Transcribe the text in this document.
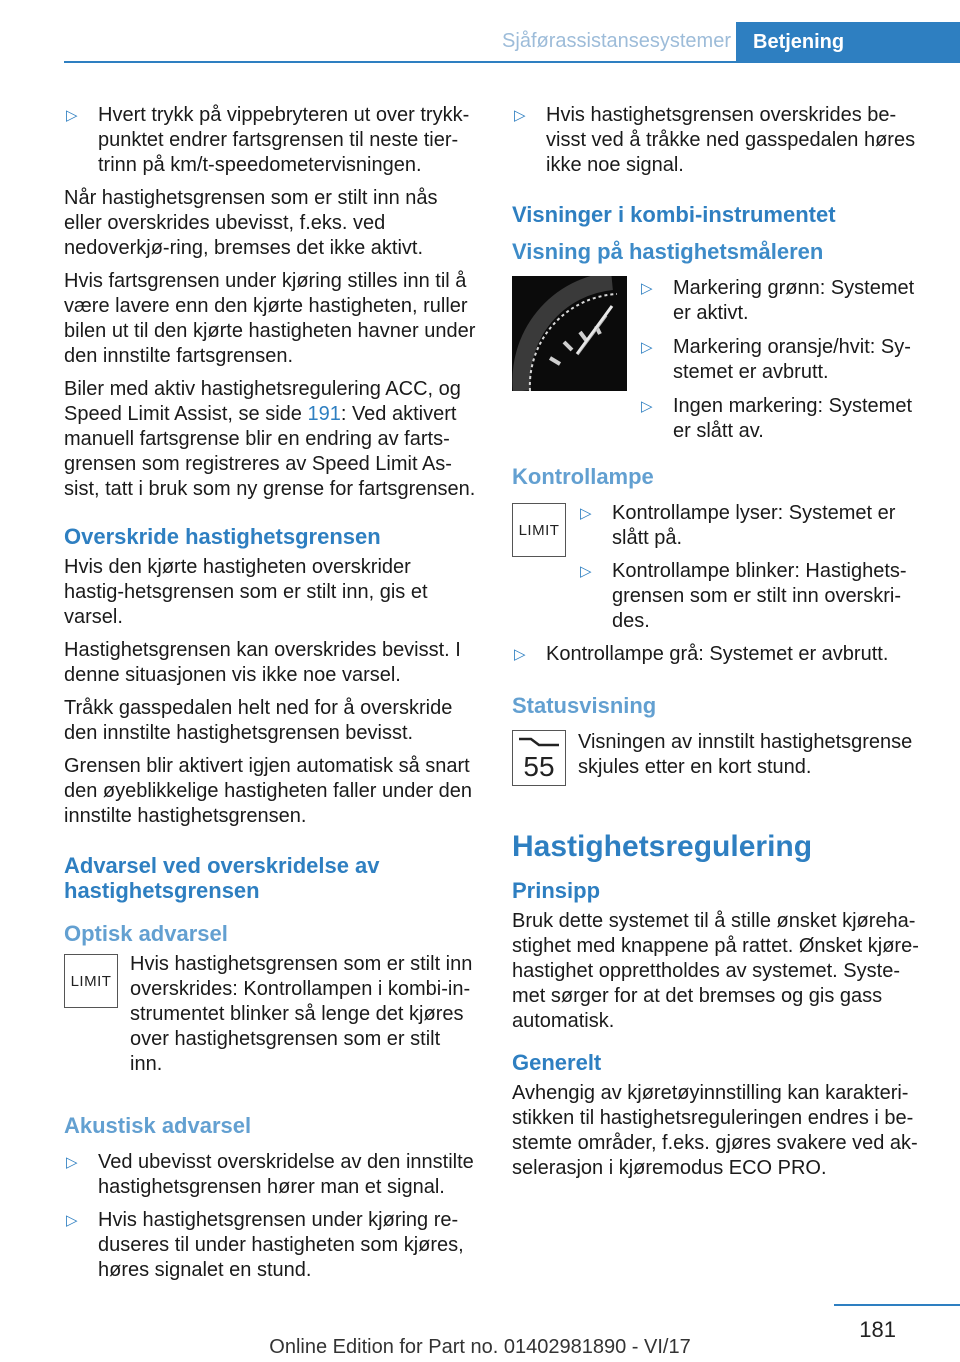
Sjåførassistansesystemer	Betjening
▷ Hvert trykk på vippebryteren ut over trykk-punktet endrer fartsgrensen til neste tier-trinn på km/t-speedometervisningen.

Når hastighetsgrensen som er stilt inn nås eller overskrides ubevisst, f.eks. ved nedoverkjø-ring, bremses det ikke aktivt.

Hvis fartsgrensen under kjøring stilles inn til å være lavere enn den kjørte hastigheten, ruller bilen ut til den kjørte hastigheten havner under den innstilte fartsgrensen.

Biler med aktiv hastighetsregulering ACC, og Speed Limit Assist, se side 191: Ved aktivert manuell fartsgrense blir en endring av farts-grensen som registreres av Speed Limit As-sist, tatt i bruk som ny grense for fartsgrensen.

Overskride hastighetsgrensen

Hvis den kjørte hastigheten overskrider hastig-hetsgrensen som er stilt inn, gis et varsel.

Hastighetsgrensen kan overskrides bevisst. I denne situasjonen vis ikke noe varsel.

Tråkk gasspedalen helt ned for å overskride den innstilte hastighetsgrensen bevisst.

Grensen blir aktivert igjen automatisk så snart den øyeblikkelige hastigheten faller under den innstilte hastighetsgrensen.

Advarsel ved overskridelse av hastighetsgrensen
Optisk advarsel
LIMIT
Hvis hastighetsgrensen som er stilt inn overskrides: Kontrollampen i kombi-in-strumentet blinker så lenge det kjøres over hastighetsgrensen som er stilt inn.
Akustisk advarsel
▷ Ved ubevisst overskridelse av den innstilte hastighetsgrensen hører man et signal.
▷ Hvis hastighetsgrensen under kjøring re-duseres til under hastigheten som kjøres, høres signalet en stund.
▷ Hvis hastighetsgrensen overskrides be-visst ved å tråkke ned gasspedalen høres ikke noe signal.
Visninger i kombi-instrumentet
Visning på hastighetsmåleren
▷ Markering grønn: Systemet er aktivt.
▷ Markering oransje/hvit: Sy-stemet er avbrutt.
▷ Ingen markering: Systemet er slått av.
Kontrollampe
LIMIT
▷ Kontrollampe lyser: Systemet er slått på.
▷ Kontrollampe blinker: Hastighets-grensen som er stilt inn overskri-des.
▷ Kontrollampe grå: Systemet er avbrutt.
Statusvisning
55
Visningen av innstilt hastighetsgrense skjules etter en kort stund.
Hastighetsregulering
Prinsipp

Bruk dette systemet til å stille ønsket kjøreha-stighet med knappene på rattet. Ønsket kjøre-hastighet opprettholdes av systemet. Syste-met sørger for at det bremses og gis gass automatisk.

Generelt

Avhengig av kjøretøyinnstilling kan karakteri-stikken til hastighetsreguleringen endres i be-stemte områder, f.eks. gjøres svakere ved ak-selerasjon i kjøremodus ECO PRO.

181
Online Edition for Part no. 01402981890 - VI/17
